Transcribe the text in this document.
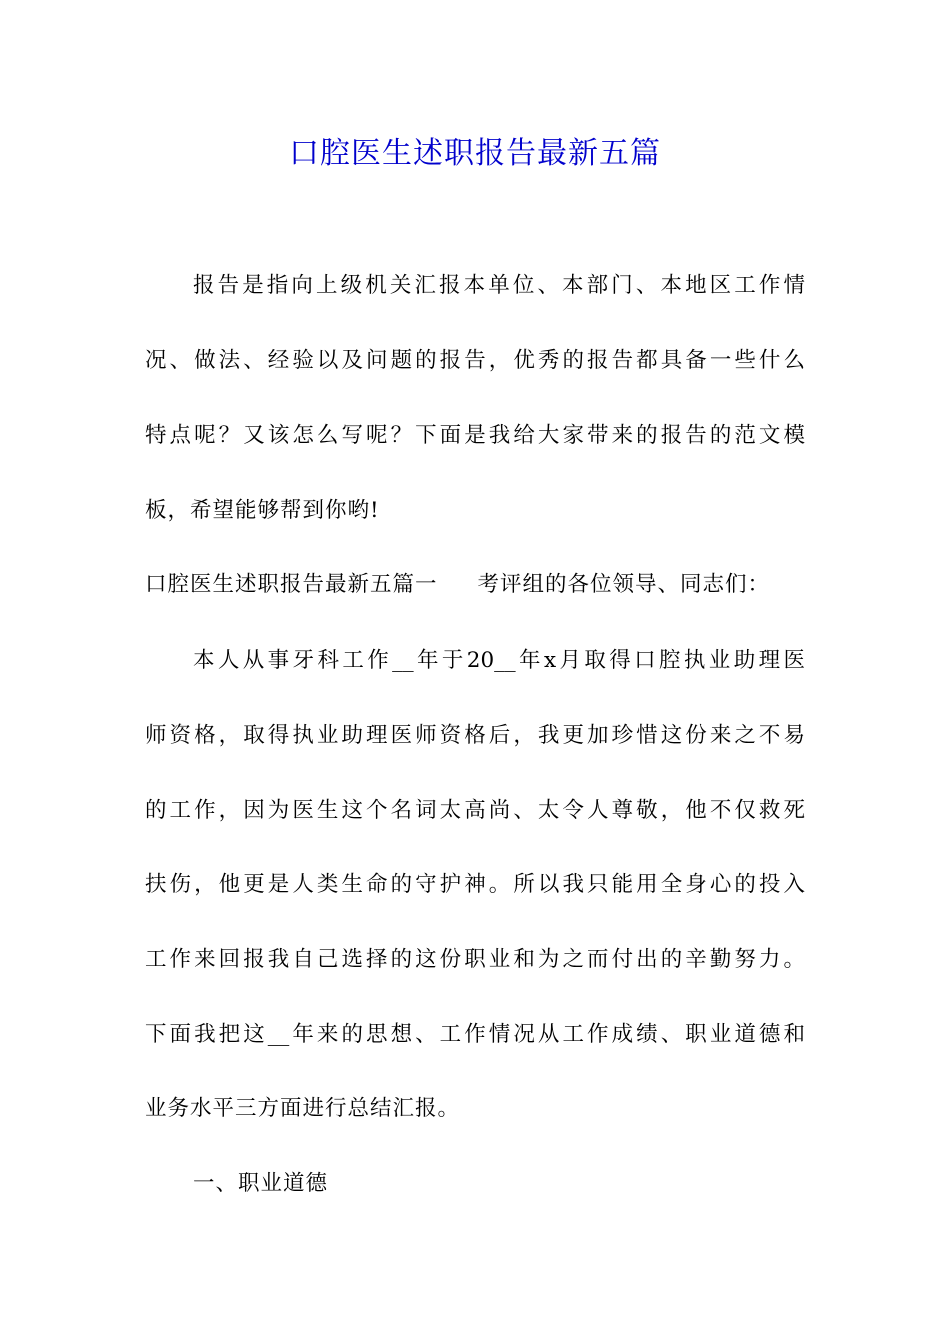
口腔医生述职报告最新五篇
报告是指向上级机关汇报本单位、本部门、本地区工作情
况、做法、经验以及问题的报告，优秀的报告都具备一些什么
特点呢？又该怎么写呢？下面是我给大家带来的报告的范文模
板，希望能够帮到你哟!
口腔医生述职报告最新五篇一 考评组的各位领导、同志们：
本人从事牙科工作__年于20__年x月取得口腔执业助理医
师资格，取得执业助理医师资格后，我更加珍惜这份来之不易
的工作，因为医生这个名词太高尚、太令人尊敬，他不仅救死
扶伤，他更是人类生命的守护神。所以我只能用全身心的投入
工作来回报我自己选择的这份职业和为之而付出的辛勤努力。
下面我把这__年来的思想、工作情况从工作成绩、职业道德和
业务水平三方面进行总结汇报。
一、职业道德
